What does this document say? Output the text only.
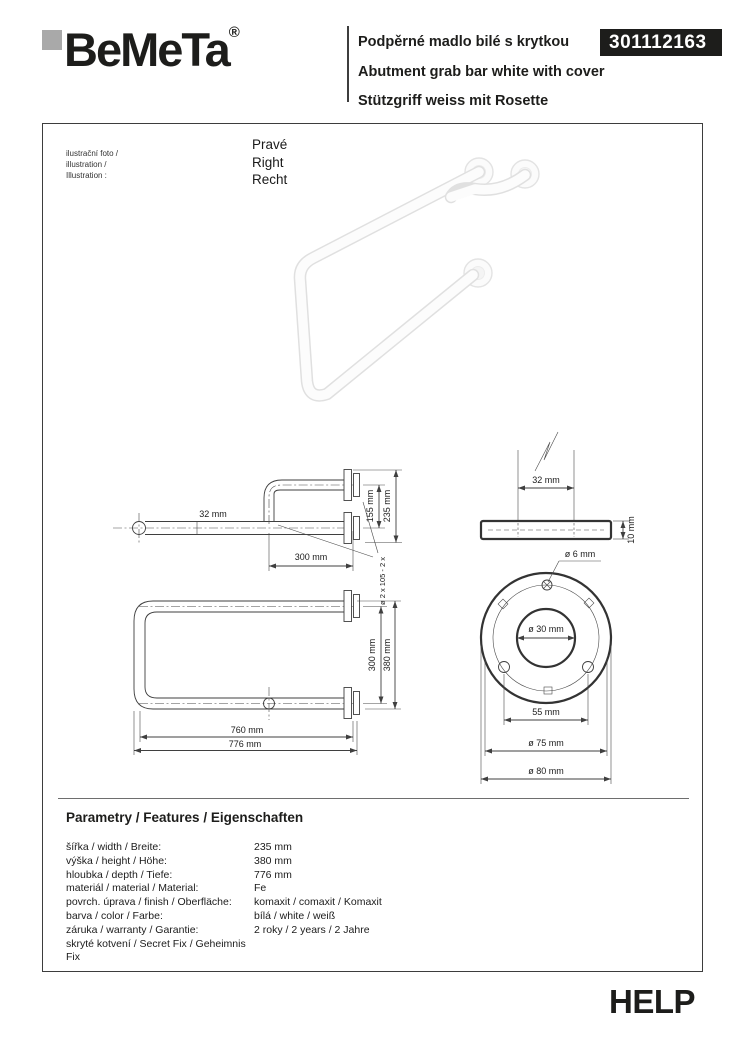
BeMeTa®
Podpěrné madlo bilé s krytkou
Abutment grab bar white with cover
Stützgriff weiss mit Rosette
301112163
ilustrační foto /
illustration /
Illustration :
Pravé
Right
Recht
32 mm	155 mm 235 mm
300 mm
ø 2 x 105 - 2 x
300 mm 380 mm
760 mm
776 mm
32 mm
10 mm
ø 6 mm
ø 30 mm
55 mm
ø 75 mm
ø 80 mm
Parametry / Features / Eigenschaften
šířka / width / Breite:	235 mm
výška / height / Höhe:	380 mm
hloubka / depth / Tiefe:	776 mm
materiál / material / Material:	Fe
povrch. úprava / finish / Oberfläche:	komaxit / comaxit / Komaxit
barva / color / Farbe:	bílá / white / weiß
záruka / warranty / Garantie:	2 roky / 2 years / 2 Jahre
skryté kotvení / Secret Fix / Geheimnis Fix
HELP
